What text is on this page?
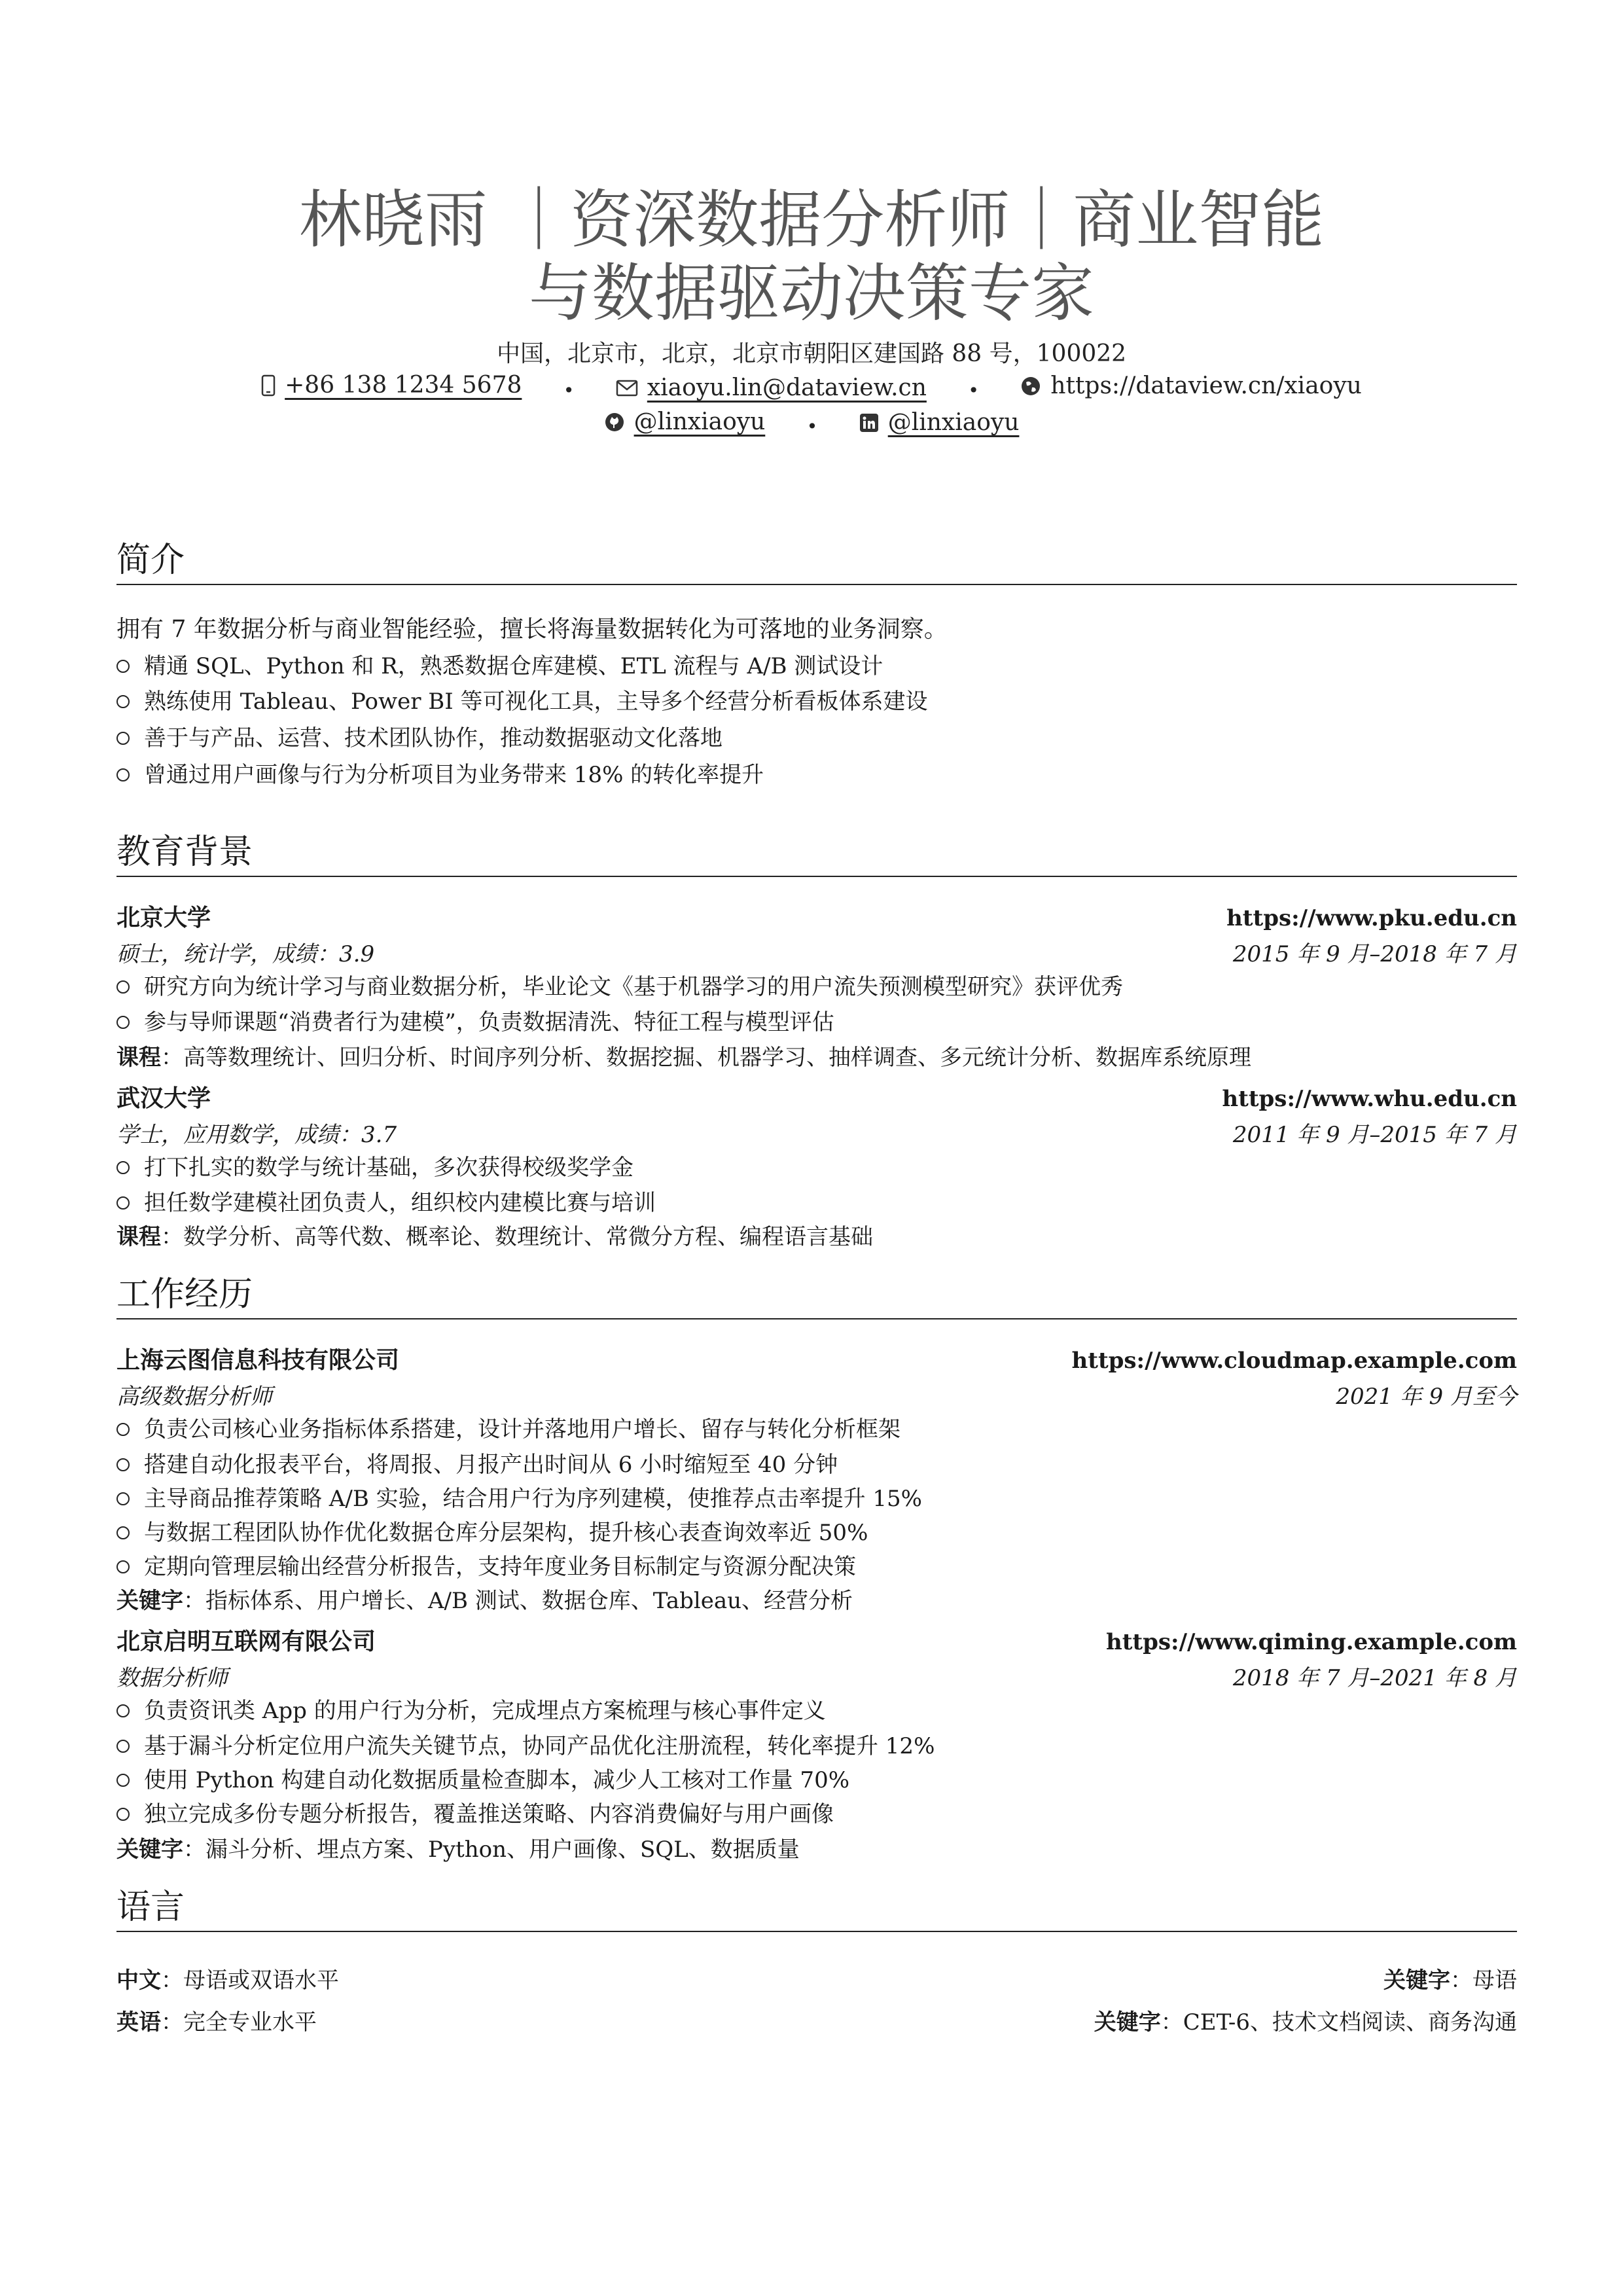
林晓雨 ｜资深数据分析师｜商业智能
与数据驱动决策专家
中国，北京市，北京，北京市朝阳区建国路 88 号，100022
+86 138 1234 5678 •	xiaoyu.lin@dataview.cn •	https://dataview.cn/xiaoyu
@linxiaoyu •	@linxiaoyu
简介
拥有 7 年数据分析与商业智能经验，擅长将海量数据转化为可落地的业务洞察。
精通 SQL、Python 和 R，熟悉数据仓库建模、ETL 流程与 A/B 测试设计
熟练使用 Tableau、Power BI 等可视化工具，主导多个经营分析看板体系建设
善于与产品、运营、技术团队协作，推动数据驱动文化落地
曾通过用户画像与行为分析项目为业务带来 18% 的转化率提升
教育背景
北京大学	https://www.pku.edu.cn
硕士，统计学，成绩：3.9	2015 年 9 月–2018 年 7 月
研究方向为统计学习与商业数据分析，毕业论文《基于机器学习的用户流失预测模型研究》获评优秀
参与导师课题“消费者行为建模”，负责数据清洗、特征工程与模型评估
课程：高等数理统计、回归分析、时间序列分析、数据挖掘、机器学习、抽样调查、多元统计分析、数据库系统原理
武汉大学	https://www.whu.edu.cn
学士，应用数学，成绩：3.7	2011 年 9 月–2015 年 7 月
打下扎实的数学与统计基础，多次获得校级奖学金
担任数学建模社团负责人，组织校内建模比赛与培训
课程：数学分析、高等代数、概率论、数理统计、常微分方程、编程语言基础
工作经历
上海云图信息科技有限公司	https://www.cloudmap.example.com
高级数据分析师	2021 年 9 月至今
负责公司核心业务指标体系搭建，设计并落地用户增长、留存与转化分析框架
搭建自动化报表平台，将周报、月报产出时间从 6 小时缩短至 40 分钟
主导商品推荐策略 A/B 实验，结合用户行为序列建模，使推荐点击率提升 15%
与数据工程团队协作优化数据仓库分层架构，提升核心表查询效率近 50%
定期向管理层输出经营分析报告，支持年度业务目标制定与资源分配决策
关键字：指标体系、用户增长、A/B 测试、数据仓库、Tableau、经营分析
北京启明互联网有限公司	https://www.qiming.example.com
数据分析师	2018 年 7 月–2021 年 8 月
负责资讯类 App 的用户行为分析，完成埋点方案梳理与核心事件定义
基于漏斗分析定位用户流失关键节点，协同产品优化注册流程，转化率提升 12%
使用 Python 构建自动化数据质量检查脚本，减少人工核对工作量 70%
独立完成多份专题分析报告，覆盖推送策略、内容消费偏好与用户画像
关键字：漏斗分析、埋点方案、Python、用户画像、SQL、数据质量
语言
中文：母语或双语水平	关键字：母语
英语：完全专业水平	关键字：CET-6、技术文档阅读、商务沟通
